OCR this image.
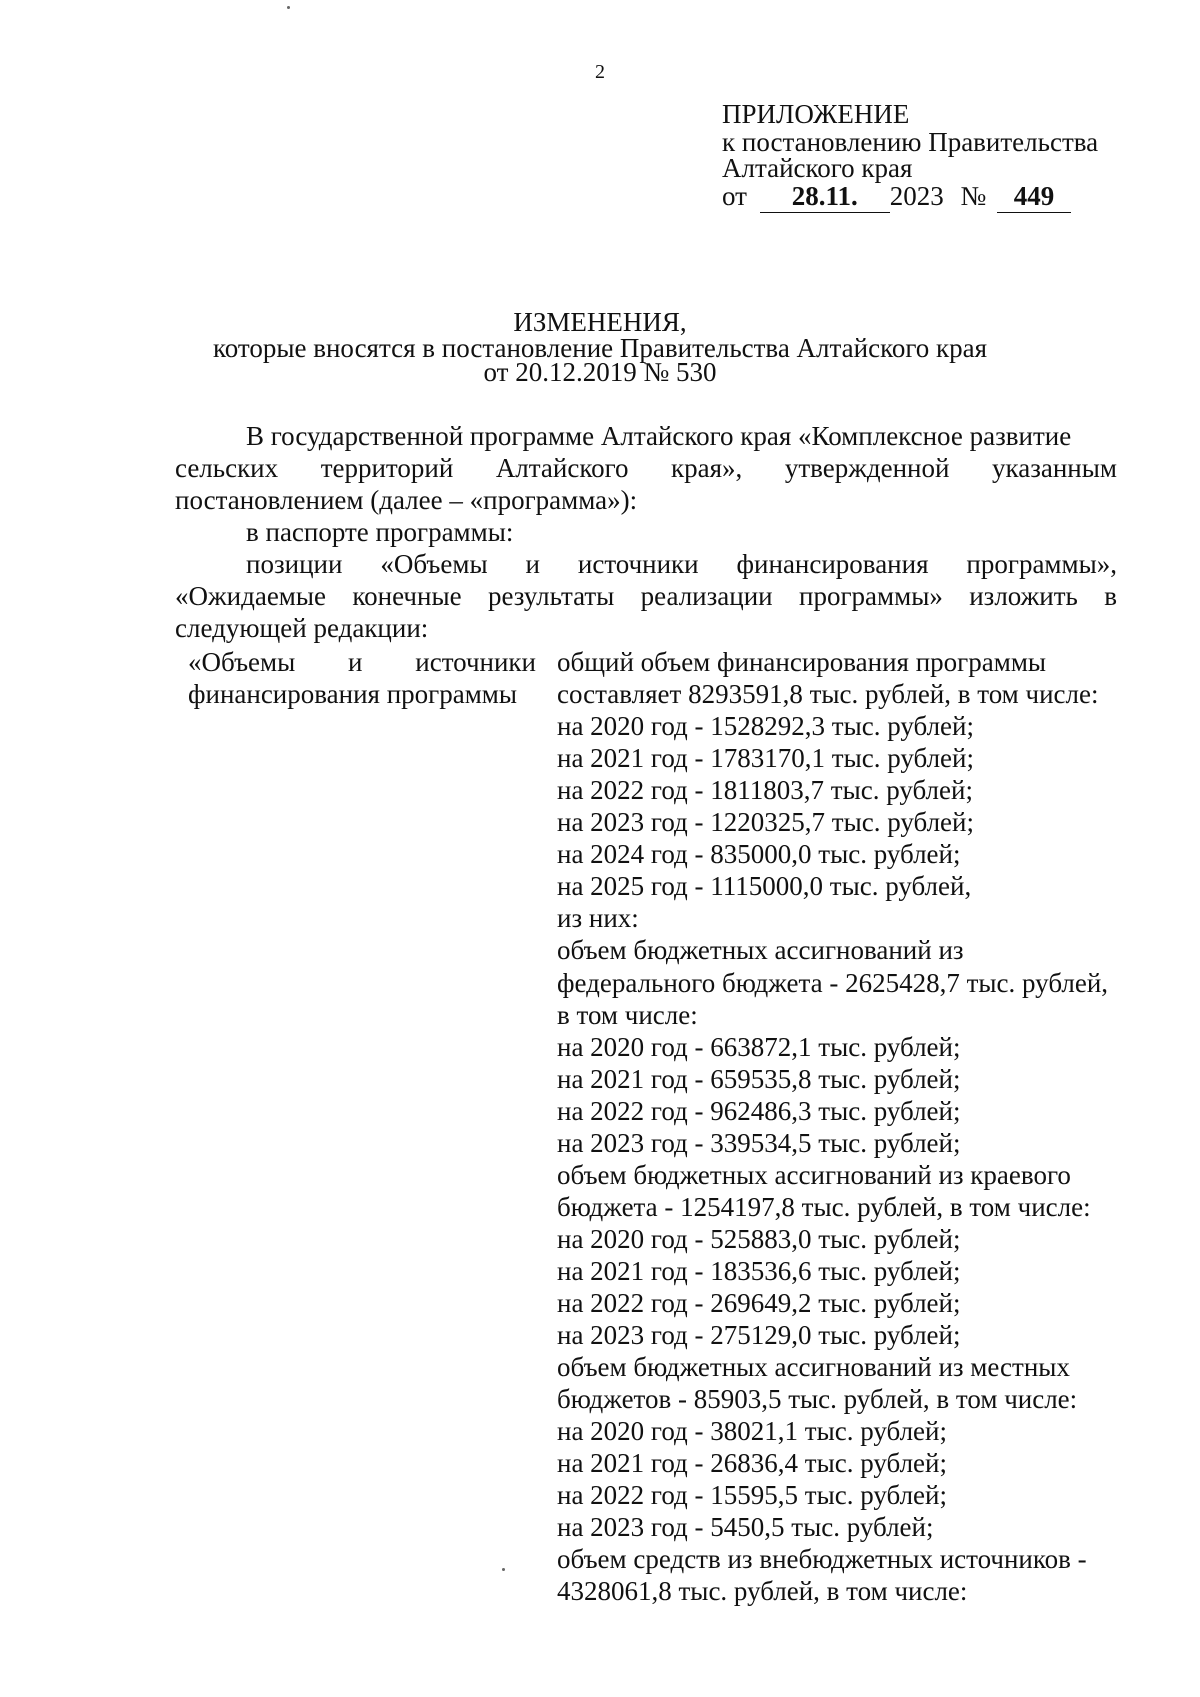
2
ПРИЛОЖЕНИЕ
к постановлению Правительства
Алтайского края
от 28.11. 2023 № 449
ИЗМЕНЕНИЯ,
которые вносятся в постановление Правительства Алтайского края
от 20.12.2019 № 530
В государственной программе Алтайского края «Комплексное развитие
сельских территорий Алтайского края», утвержденной указанным
постановлением (далее – «программа»):
в паспорте программы:
позиции «Объемы и источники финансирования программы»,
«Ожидаемые конечные результаты реализации программы» изложить в
следующей редакции:
«Объемы и источники
финансирования программы
общий объем финансирования программы
составляет 8293591,8 тыс. рублей, в том числе:
на 2020 год - 1528292,3 тыс. рублей;
на 2021 год - 1783170,1 тыс. рублей;
на 2022 год - 1811803,7 тыс. рублей;
на 2023 год - 1220325,7 тыс. рублей;
на 2024 год - 835000,0 тыс. рублей;
на 2025 год - 1115000,0 тыс. рублей,
из них:
объем бюджетных ассигнований из
федерального бюджета - 2625428,7 тыс. рублей,
в том числе:
на 2020 год - 663872,1 тыс. рублей;
на 2021 год - 659535,8 тыс. рублей;
на 2022 год - 962486,3 тыс. рублей;
на 2023 год - 339534,5 тыс. рублей;
объем бюджетных ассигнований из краевого
бюджета - 1254197,8 тыс. рублей, в том числе:
на 2020 год - 525883,0 тыс. рублей;
на 2021 год - 183536,6 тыс. рублей;
на 2022 год - 269649,2 тыс. рублей;
на 2023 год - 275129,0 тыс. рублей;
объем бюджетных ассигнований из местных
бюджетов - 85903,5 тыс. рублей, в том числе:
на 2020 год - 38021,1 тыс. рублей;
на 2021 год - 26836,4 тыс. рублей;
на 2022 год - 15595,5 тыс. рублей;
на 2023 год - 5450,5 тыс. рублей;
объем средств из внебюджетных источников -
4328061,8 тыс. рублей, в том числе:
